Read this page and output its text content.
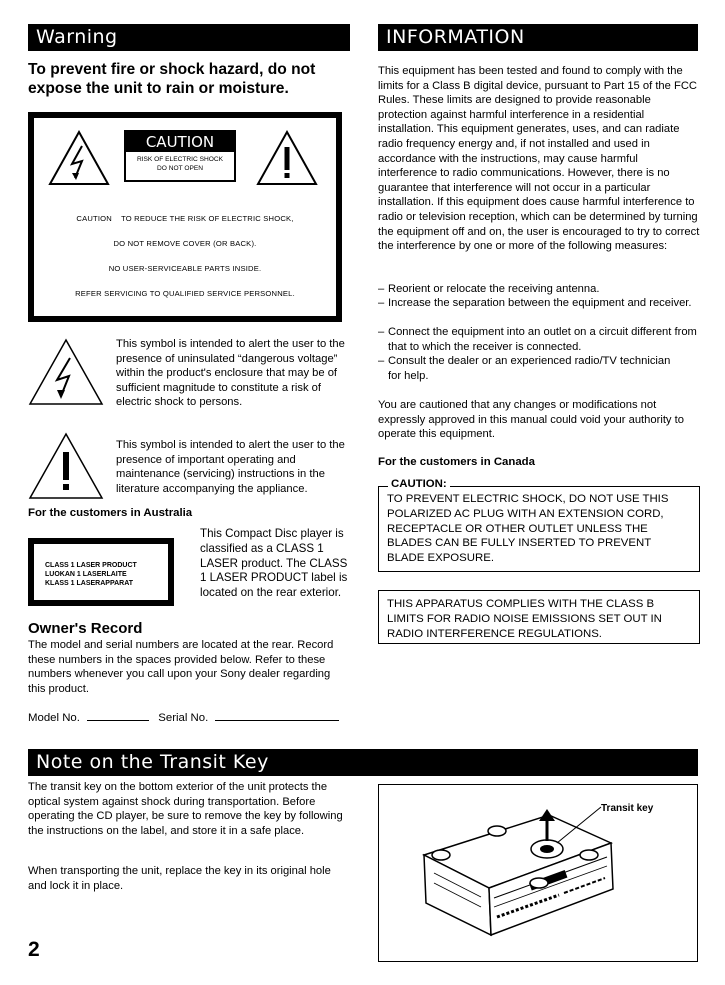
Warning
To prevent fire or shock hazard, do not expose the unit to rain or moisture.
CAUTION
RISK OF ELECTRIC SHOCK
DO NOT OPEN
CAUTION    TO REDUCE THE RISK OF ELECTRIC SHOCK,
DO NOT REMOVE COVER (OR BACK).
NO USER-SERVICEABLE PARTS INSIDE.
REFER SERVICING TO QUALIFIED SERVICE PERSONNEL.
This symbol is intended to alert the user to the presence of uninsulated “dangerous voltage” within the product's enclosure that may be of sufficient magnitude to constitute a risk of electric shock to persons.
This symbol is intended to alert the user to the presence of important operating and maintenance (servicing) instructions in the literature accompanying the appliance.
For the customers in Australia
CLASS 1 LASER PRODUCT
LUOKAN 1 LASERLAITE
KLASS 1 LASERAPPARAT
This Compact Disc player is classified as a CLASS 1 LASER product. The CLASS 1 LASER PRODUCT label is located on the rear exterior.
Owner's Record
The model and serial numbers are located at the rear. Record these numbers in the spaces provided below. Refer to these numbers whenever you call upon your Sony dealer regarding this product.
Model No.	Serial No.
INFORMATION
This equipment has been tested and found to comply with the limits for a Class B digital device, pursuant to Part 15 of the FCC Rules. These limits are designed to provide reasonable protection against harmful interference in a residential installation. This equipment generates, uses, and can radiate radio frequency energy and, if not installed and used in accordance with the instructions, may cause harmful interference to radio communications. However, there is no guarantee that interference will not occur in a particular installation. If this equipment does cause harmful interference to radio or television reception, which can be determined by turning the equipment off and on, the user is encouraged to try to correct the interference by one or more of the following measures:
– Reorient or relocate the receiving antenna.
– Increase the separation between the equipment and receiver.
– Connect the equipment into an outlet on a circuit different from that to which the receiver is connected.
– Consult the dealer or an experienced radio/TV technician for help.
You are cautioned that any changes or modifications not expressly approved in this manual could void your authority to operate this equipment.
For the customers in Canada
TO PREVENT ELECTRIC SHOCK, DO NOT USE THIS POLARIZED AC PLUG WITH AN EXTENSION CORD, RECEPTACLE OR OTHER OUTLET UNLESS THE BLADES CAN BE FULLY INSERTED TO PREVENT BLADE EXPOSURE.
CAUTION:
THIS APPARATUS COMPLIES WITH THE CLASS B LIMITS FOR RADIO NOISE EMISSIONS SET OUT IN RADIO INTERFERENCE REGULATIONS.
Note on the Transit Key
The transit key on the bottom exterior of the unit protects the optical system against shock during transportation. Before operating the CD player, be sure to remove the key by following the instructions on the label, and store it in a safe place.
When transporting the unit, replace the key in its original hole and lock it in place.
Transit key
2
